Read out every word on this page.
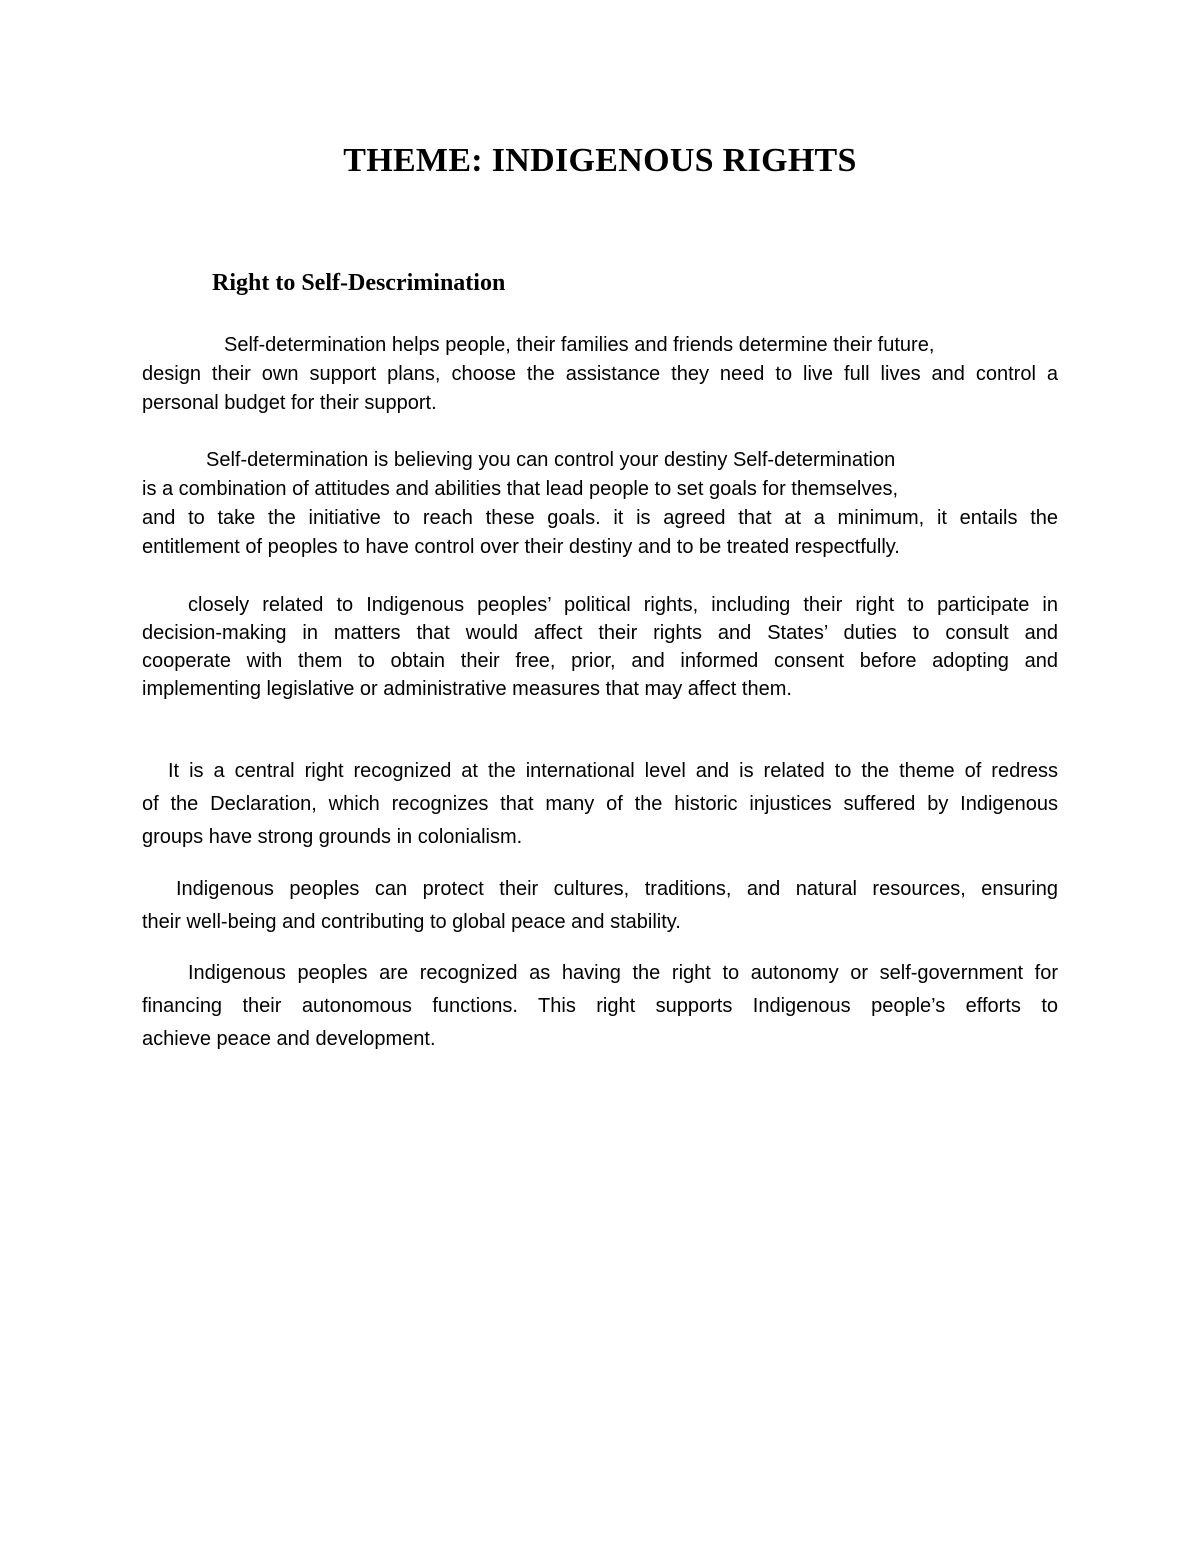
THEME: INDIGENOUS RIGHTS
Right to Self-Descrimination
Self-determination helps people, their families and friends determine their future,
design their own support plans, choose the assistance they need to live full lives and control a
personal budget for their support.
Self-determination is believing you can control your destiny Self-determination
is a combination of attitudes and abilities that lead people to set goals for themselves,
and to take the initiative to reach these goals. it is agreed that at a minimum, it entails the
entitlement of peoples to have control over their destiny and to be treated respectfully.
closely related to Indigenous peoples’ political rights, including their right to participate in
decision-making in matters that would affect their rights and States’ duties to consult and
cooperate with them to obtain their free, prior, and informed consent before adopting and
implementing legislative or administrative measures that may affect them.
It is a central right recognized at the international level and is related to the theme of redress
of the Declaration, which recognizes that many of the historic injustices suffered by Indigenous
groups have strong grounds in colonialism.
Indigenous peoples can protect their cultures, traditions, and natural resources, ensuring
their well-being and contributing to global peace and stability.
Indigenous peoples are recognized as having the right to autonomy or self-government for
financing their autonomous functions. This right supports Indigenous people’s efforts to
achieve peace and development.
